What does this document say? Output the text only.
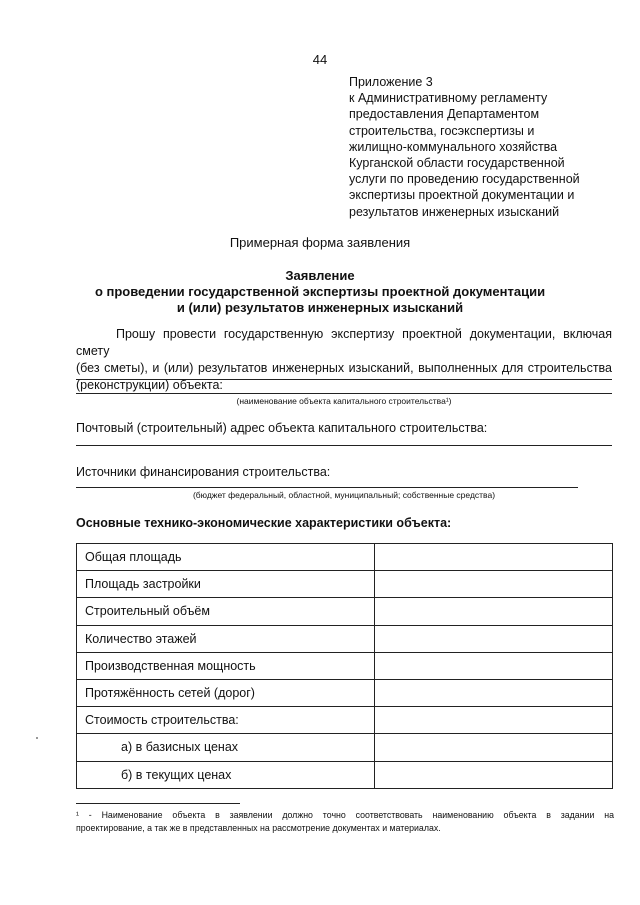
44
Приложение 3
к Административному регламенту
предоставления Департаментом
строительства, госэкспертизы и
жилищно-коммунального хозяйства
Курганской области государственной
услуги по проведению государственной
экспертизы проектной документации и
результатов инженерных изысканий
Примерная форма заявления
Заявление
о проведении государственной экспертизы проектной документации
и (или) результатов инженерных изысканий
Прошу провести государственную экспертизу проектной документации, включая смету
(без сметы), и (или) результатов инженерных изысканий, выполненных для строительства
(реконструкции) объекта:
(наименование объекта капитального строительства¹)
Почтовый (строительный) адрес объекта капитального строительства:
Источники финансирования строительства:
(бюджет федеральный, областной, муниципальный; собственные средства)
Основные технико-экономические характеристики объекта:
Общая площадь	
Площадь застройки	
Строительный объём	
Количество этажей	
Производственная мощность	
Протяжённость сетей (дорог)	
Стоимость строительства:	
а) в базисных ценах	
б) в текущих ценах	
¹ - Наименование объекта в заявлении должно точно соответствовать наименованию объекта в задании на
проектирование, а так же в представленных на рассмотрение документах и материалах.
